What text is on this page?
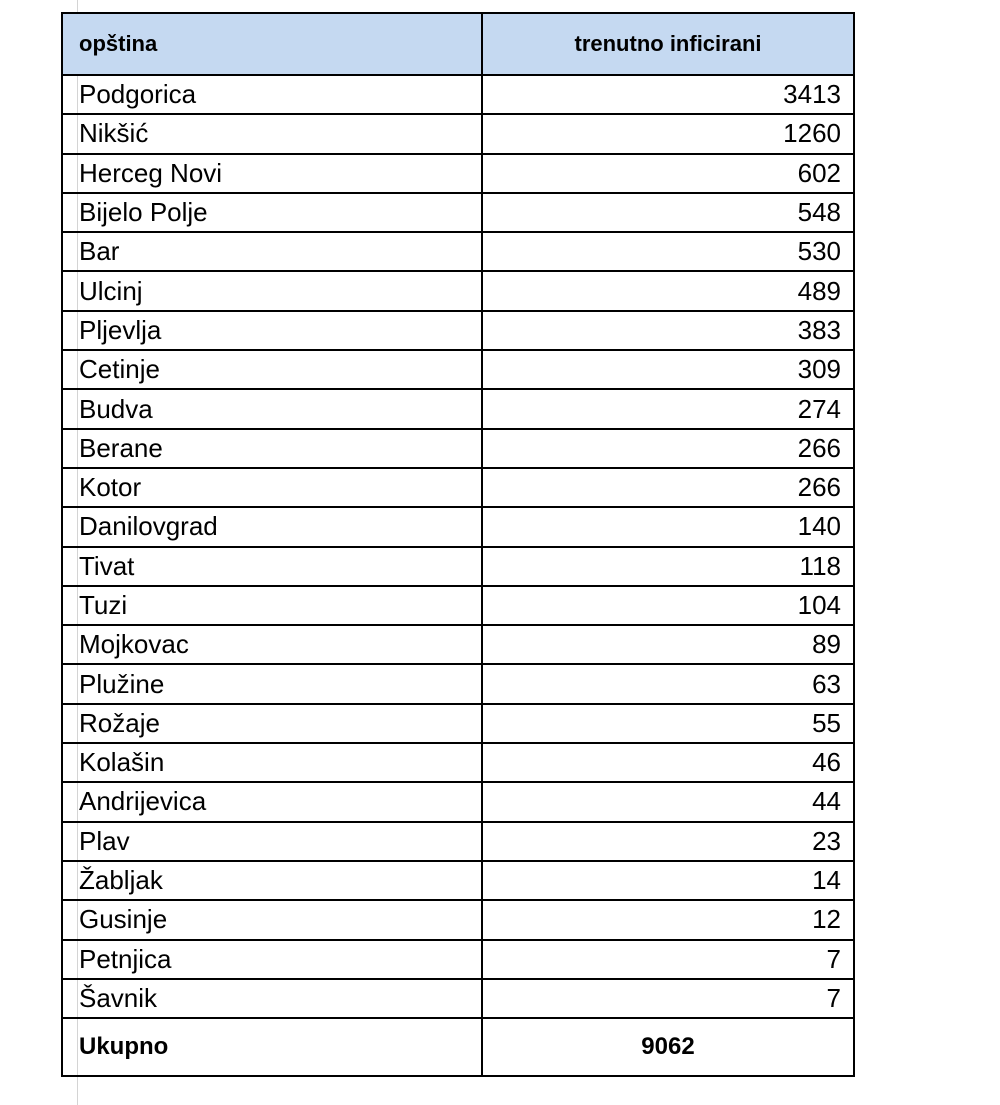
opština	trenutno inficirani
Podgorica	3413
Nikšić	1260
Herceg Novi	602
Bijelo Polje	548
Bar	530
Ulcinj	489
Pljevlja	383
Cetinje	309
Budva	274
Berane	266
Kotor	266
Danilovgrad	140
Tivat	118
Tuzi	104
Mojkovac	89
Plužine	63
Rožaje	55
Kolašin	46
Andrijevica	44
Plav	23
Žabljak	14
Gusinje	12
Petnjica	7
Šavnik	7
Ukupno	9062
